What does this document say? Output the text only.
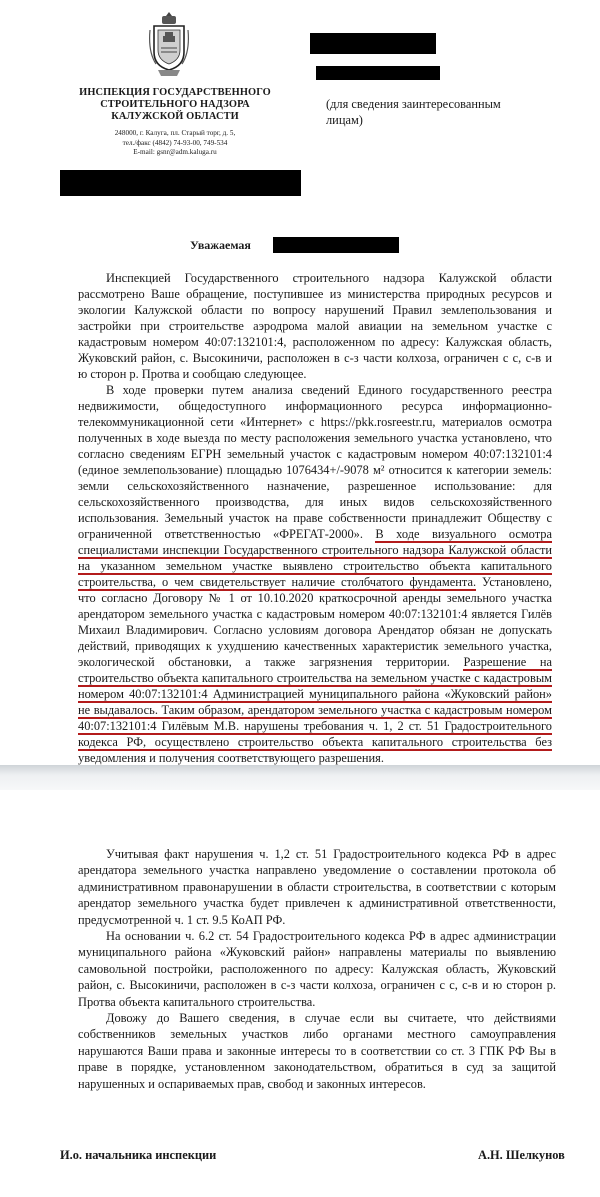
ИНСПЕКЦИЯ ГОСУДАРСТВЕННОГО
СТРОИТЕЛЬНОГО НАДЗОРА
КАЛУЖСКОЙ ОБЛАСТИ
248000, г. Калуга, пл. Старый торг, д. 5,
тел./факс (4842) 74-93-00, 749-534
E-mail: gsnr@adm.kaluga.ru
(для сведения заинтересованным
лицам)
Уважаемая
Инспекцией Государственного строительного надзора Калужской области
рассмотрено Ваше обращение, поступившее из министерства природных ресурсов и
экологии Калужской области по вопросу нарушений Правил землепользования и
застройки при строительстве аэродрома малой авиации на земельном участке с
кадастровым номером 40:07:132101:4, расположенном по адресу: Калужская область,
Жуковский район, с. Высокиничи, расположен в с-з части колхоза, ограничен с с, с-в и
ю сторон р. Протва и сообщаю следующее.
В ходе проверки путем анализа сведений Единого государственного реестра
недвижимости, общедоступного информационного ресурса информационно-
телекоммуникационной сети «Интернет» с https://pkk.rosreestr.ru, материалов осмотра
полученных в ходе выезда по месту расположения земельного участка установлено, что
согласно сведениям ЕГРН земельный участок с кадастровым номером 40:07:132101:4
(единое землепользование) площадью 1076434+/-9078 м² относится к категории земель:
земли сельскохозяйственного назначение, разрешенное использование: для
сельскохозяйственного производства, для иных видов сельскохозяйственного
использования. Земельный участок на праве собственности принадлежит Обществу с
ограниченной ответственностью «ФРЕГАТ-2000». В ходе визуального осмотра
специалистами инспекции Государственного строительного надзора Калужской области
на указанном земельном участке выявлено строительство объекта капитального
строительства, о чем свидетельствует наличие столбчатого фундамента. Установлено,
что согласно Договору № 1 от 10.10.2020 краткосрочной аренды земельного участка
арендатором земельного участка с кадастровым номером 40:07:132101:4 является Гилёв
Михаил Владимирович. Согласно условиям договора Арендатор обязан не допускать
действий, приводящих к ухудшению качественных характеристик земельного участка,
экологической обстановки, а также загрязнения территории. Разрешение на
строительство объекта капитального строительства на земельном участке с кадастровым
номером 40:07:132101:4 Администрацией муниципального района «Жуковский район»
не выдавалось. Таким образом, арендатором земельного участка с кадастровым номером
40:07:132101:4 Гилёвым М.В. нарушены требования ч. 1, 2 ст. 51 Градостроительного
кодекса РФ, осуществлено строительство объекта капитального строительства без
уведомления и получения соответствующего разрешения.
Учитывая факт нарушения ч. 1,2 ст. 51 Градостроительного кодекса РФ в адрес
арендатора земельного участка направлено уведомление о составлении протокола об
административном правонарушении в области строительства, в соответствии с которым
арендатор земельного участка будет привлечен к административной ответственности,
предусмотренной ч. 1 ст. 9.5 КоАП РФ.
На основании ч. 6.2 ст. 54 Градостроительного кодекса РФ в адрес администрации
муниципального района «Жуковский район» направлены материалы по выявлению
самовольной постройки, расположенного по адресу: Калужская область, Жуковский
район, с. Высокиничи, расположен в с-з части колхоза, ограничен с с, с-в и ю сторон р.
Протва объекта капитального строительства.
Довожу до Вашего сведения, в случае если вы считаете, что действиями
собственников земельных участков либо органами местного самоуправления
нарушаются Ваши права и законные интересы то в соответствии со ст. 3 ГПК РФ Вы в
праве в порядке, установленном законодательством, обратиться в суд за защитой
нарушенных и оспариваемых прав, свобод и законных интересов.
И.о. начальника инспекции	А.Н. Шелкунов
